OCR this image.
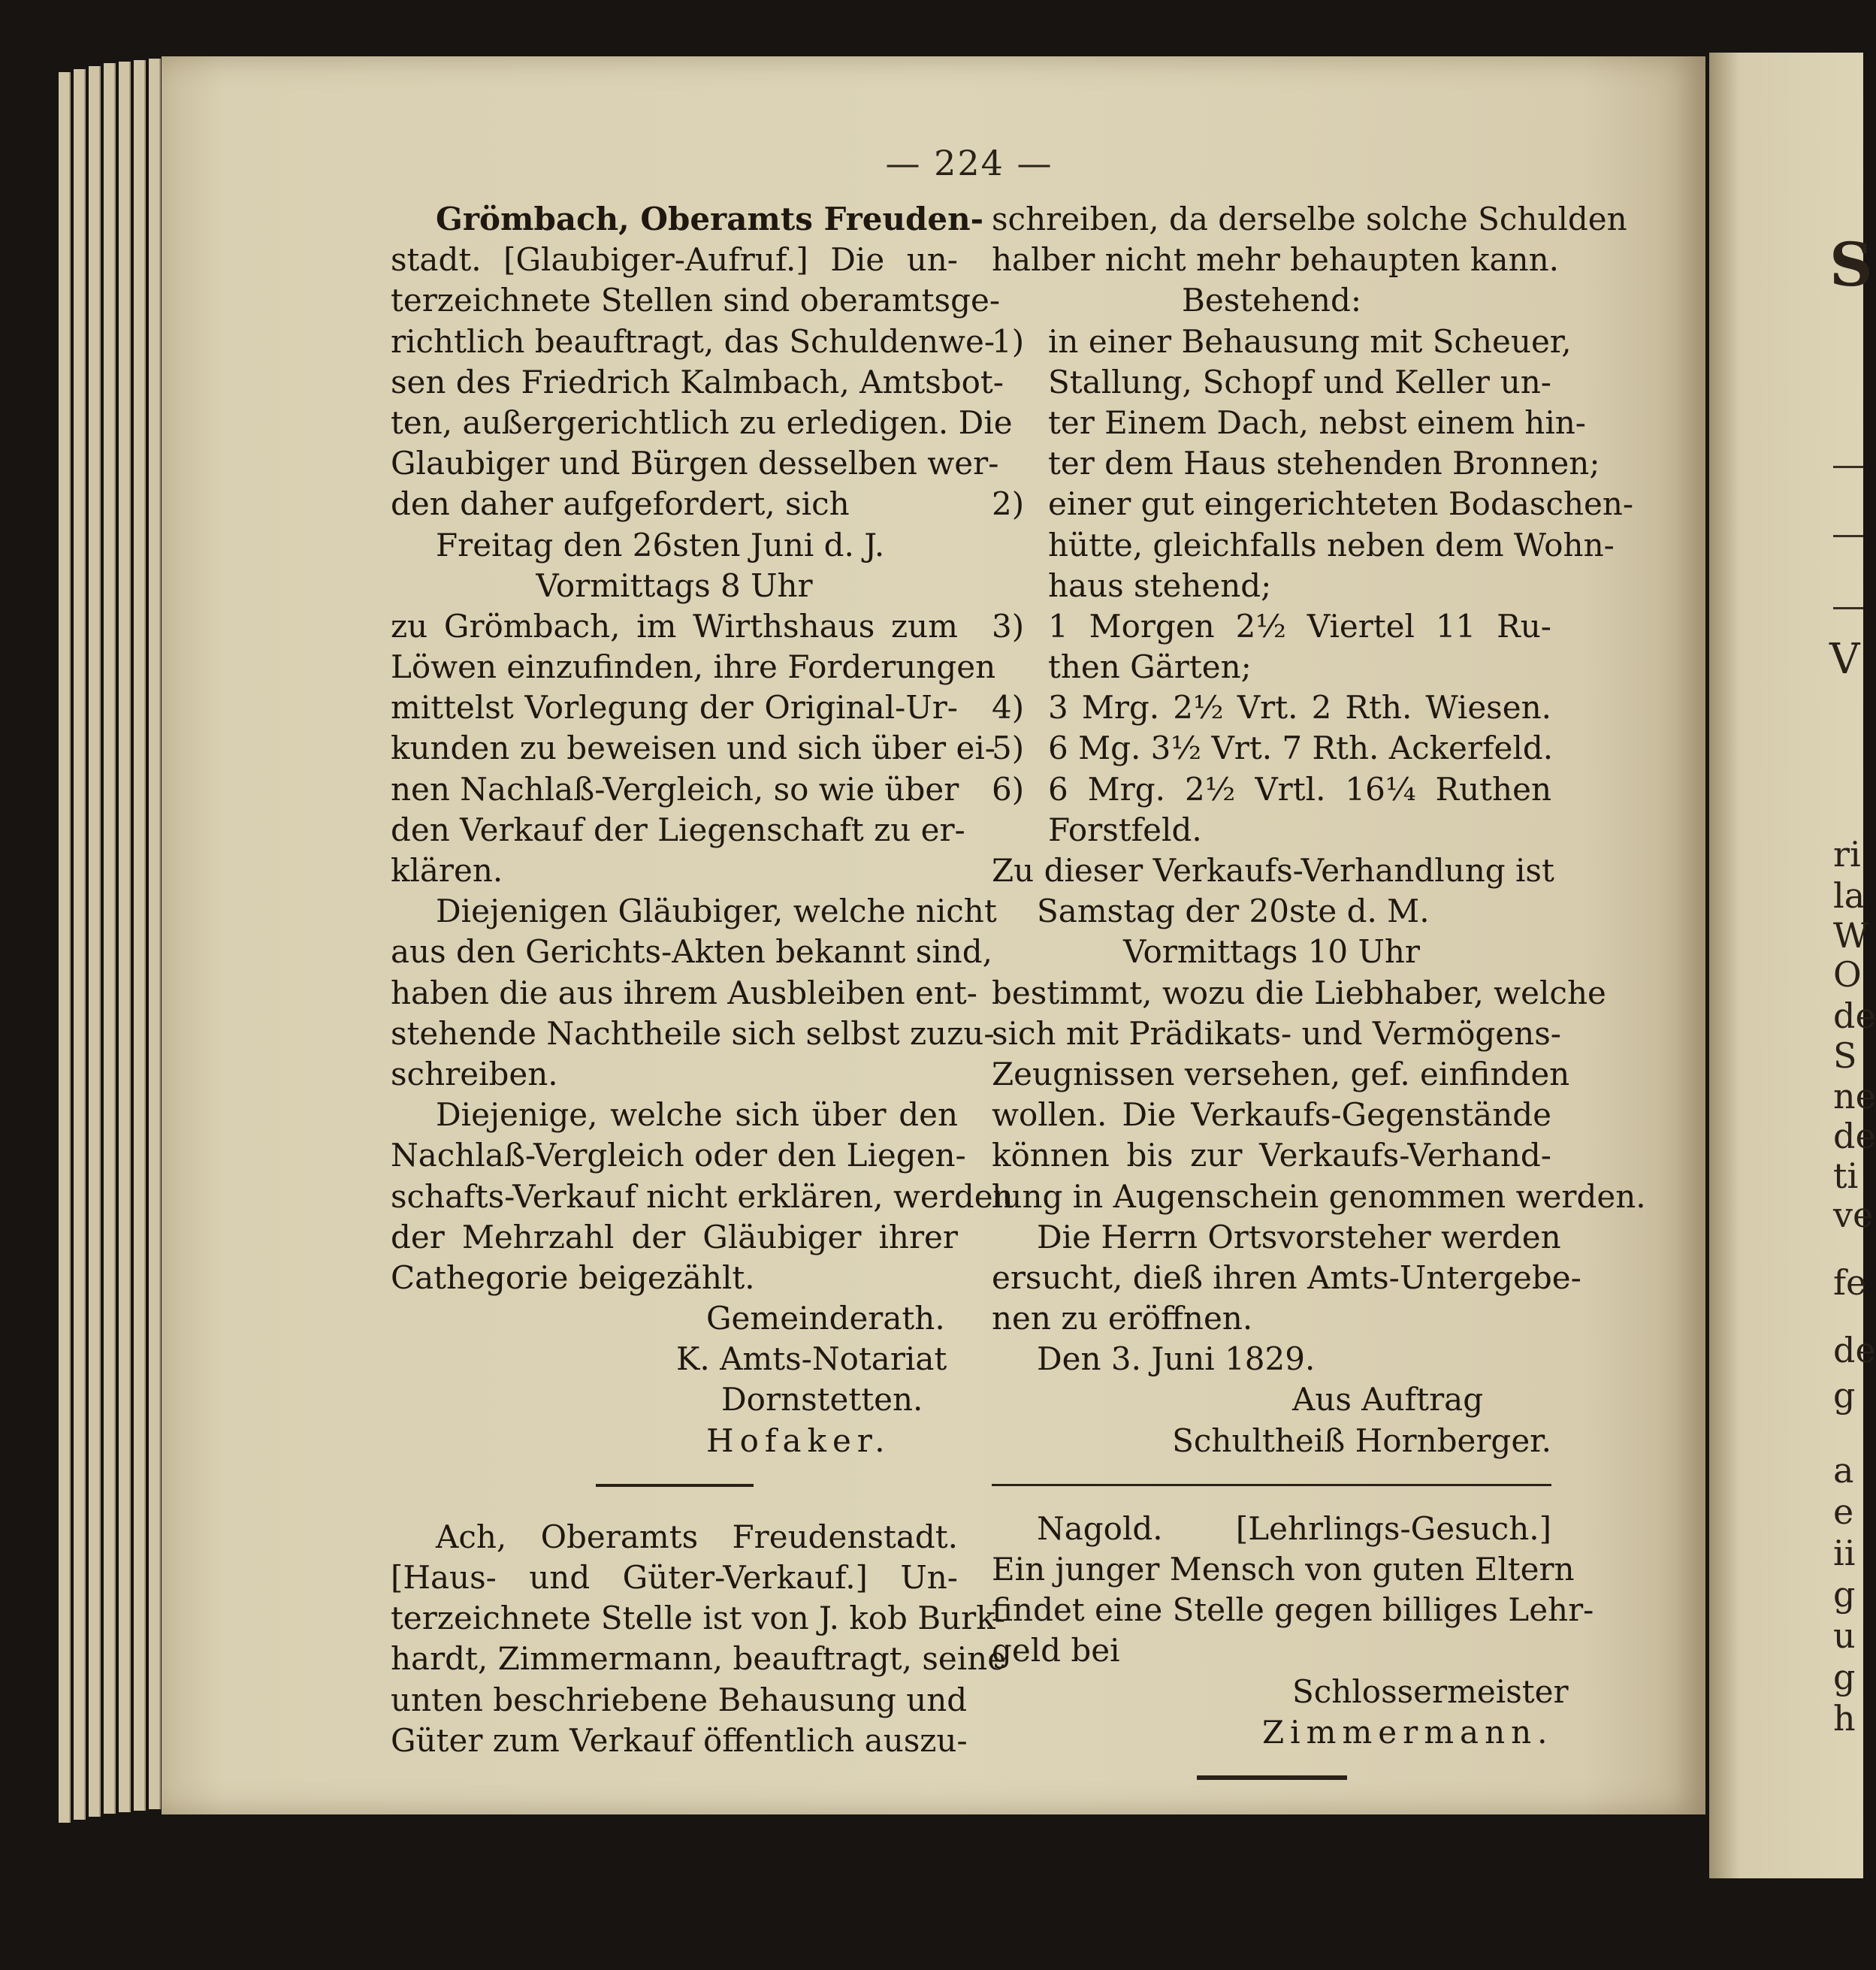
S
V
ri
la
W
O
de
S
ne
de
ti
ve
fe
de
g
a
e
ii
g
u
g
h
— 224 —
Grömbach, Oberamts Freuden-
stadt. [Glaubiger-Aufruf.] Die un-
terzeichnete Stellen sind oberamtsge-
richtlich beauftragt, das Schuldenwe-
sen des Friedrich Kalmbach, Amtsbot-
ten, außergerichtlich zu erledigen. Die
Glaubiger und Bürgen desselben wer-
den daher aufgefordert, sich
Freitag den 26sten Juni d. J.
Vormittags 8 Uhr
zu Grömbach, im Wirthshaus zum
Löwen einzufinden, ihre Forderungen
mittelst Vorlegung der Original-Ur-
kunden zu beweisen und sich über ei-
nen Nachlaß-Vergleich, so wie über
den Verkauf der Liegenschaft zu er-
klären.
Diejenigen Gläubiger, welche nicht
aus den Gerichts-Akten bekannt sind,
haben die aus ihrem Ausbleiben ent-
stehende Nachtheile sich selbst zuzu-
schreiben.
Diejenige, welche sich über den
Nachlaß-Vergleich oder den Liegen-
schafts-Verkauf nicht erklären, werden
der Mehrzahl der Gläubiger ihrer
Cathegorie beigezählt.
Gemeinderath.
K. Amts-Notariat
Dornstetten.
Hofaker.
Ach, Oberamts Freudenstadt.
[Haus- und Güter-Verkauf.] Un-
terzeichnete Stelle ist von J. kob Burk-
hardt, Zimmermann, beauftragt, seine
unten beschriebene Behausung und
Güter zum Verkauf öffentlich auszu-
schreiben, da derselbe solche Schulden
halber nicht mehr behaupten kann.
Bestehend:
1) in einer Behausung mit Scheuer,
Stallung, Schopf und Keller un-
ter Einem Dach, nebst einem hin-
ter dem Haus stehenden Bronnen;
2) einer gut eingerichteten Bodaschen-
hütte, gleichfalls neben dem Wohn-
haus stehend;
3) 1 Morgen 2½ Viertel 11 Ru-
then Gärten;
4) 3 Mrg. 2½ Vrt. 2 Rth. Wiesen.
5) 6 Mg. 3½ Vrt. 7 Rth. Ackerfeld.
6) 6 Mrg. 2½ Vrtl. 16¼ Ruthen
Forstfeld.
Zu dieser Verkaufs-Verhandlung ist
Samstag der 20ste d. M.
Vormittags 10 Uhr
bestimmt, wozu die Liebhaber, welche
sich mit Prädikats- und Vermögens-
Zeugnissen versehen, gef. einfinden
wollen. Die Verkaufs-Gegenstände
können bis zur Verkaufs-Verhand-
lung in Augenschein genommen werden.
Die Herrn Ortsvorsteher werden
ersucht, dieß ihren Amts-Untergebe-
nen zu eröffnen.
Den 3. Juni 1829.
Aus Auftrag
Schultheiß Hornberger.
Nagold. [Lehrlings-Gesuch.]
Ein junger Mensch von guten Eltern
findet eine Stelle gegen billiges Lehr-
geld bei
Schlossermeister
Zimmermann.
